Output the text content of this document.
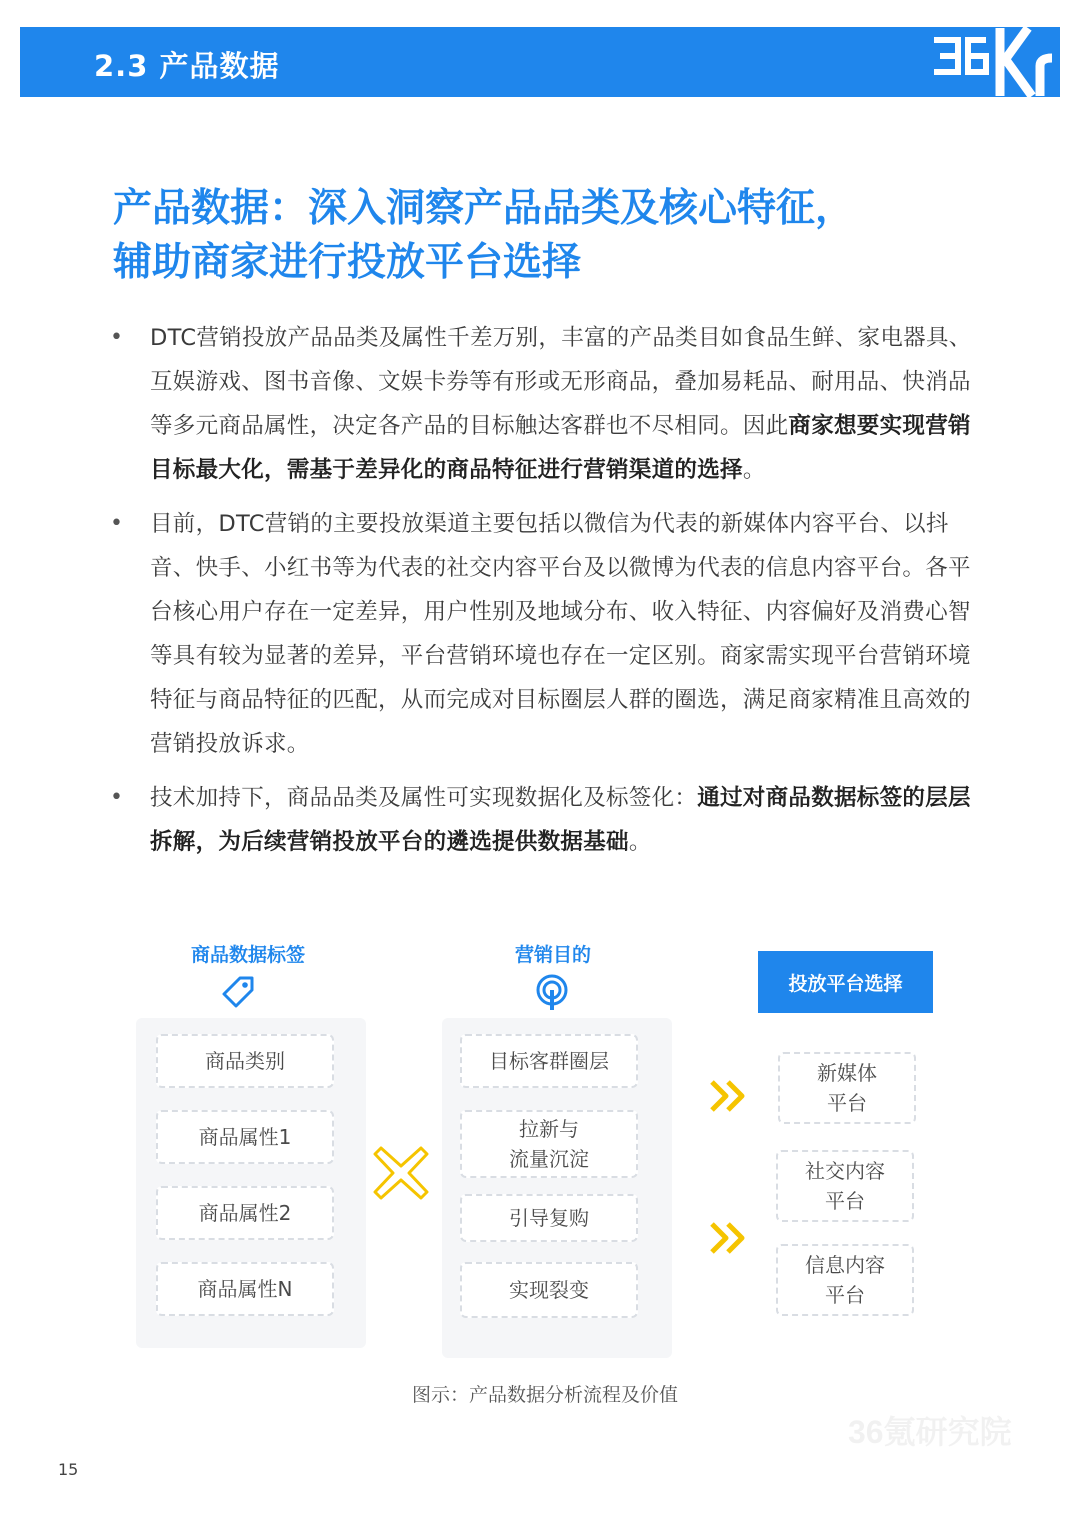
2.3 产品数据
产品数据：深入洞察产品品类及核心特征，
辅助商家进行投放平台选择
• DTC营销投放产品品类及属性千差万别，丰富的产品类目如食品生鲜、家电器具、互娱游戏、图书音像、文娱卡券等有形或无形商品，叠加易耗品、耐用品、快消品等多元商品属性，决定各产品的目标触达客群也不尽相同。因此商家想要实现营销目标最大化，需基于差异化的商品特征进行营销渠道的选择。

• 目前，DTC营销的主要投放渠道主要包括以微信为代表的新媒体内容平台、以抖音、快手、小红书等为代表的社交内容平台及以微博为代表的信息内容平台。各平台核心用户存在一定差异，用户性别及地域分布、收入特征、内容偏好及消费心智等具有较为显著的差异，平台营销环境也存在一定区别。商家需实现平台营销环境特征与商品特征的匹配，从而完成对目标圈层人群的圈选，满足商家精准且高效的营销投放诉求。

• 技术加持下，商品品类及属性可实现数据化及标签化：通过对商品数据标签的层层拆解，为后续营销投放平台的遴选提供数据基础。

商品数据标签
商品类别
商品属性1
商品属性2
商品属性N
营销目的
目标客群圈层
拉新与
流量沉淀
引导复购
实现裂变
投放平台选择
新媒体
平台
社交内容
平台
信息内容
平台
图示：产品数据分析流程及价值
15
36氪研究院
